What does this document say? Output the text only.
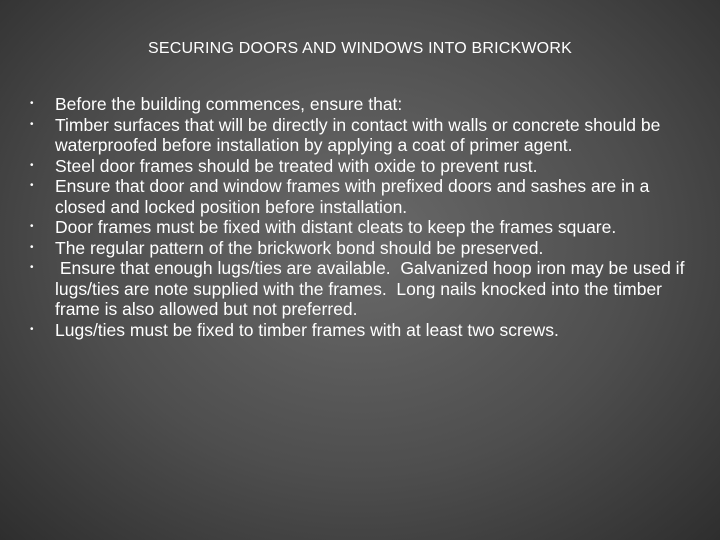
SECURING DOORS AND WINDOWS INTO BRICKWORK
• Before the building commences, ensure that:
• Timber surfaces that will be directly in contact with walls or concrete should be waterproofed before installation by applying a coat of primer agent.
• Steel door frames should be treated with oxide to prevent rust.
• Ensure that door and window frames with prefixed doors and sashes are in a closed and locked position before installation.
• Door frames must be fixed with distant cleats to keep the frames square.
• The regular pattern of the brickwork bond should be preserved.
• Ensure that enough lugs/ties are available.  Galvanized hoop iron may be used if lugs/ties are note supplied with the frames.  Long nails knocked into the timber frame is also allowed but not preferred.
• Lugs/ties must be fixed to timber frames with at least two screws.
